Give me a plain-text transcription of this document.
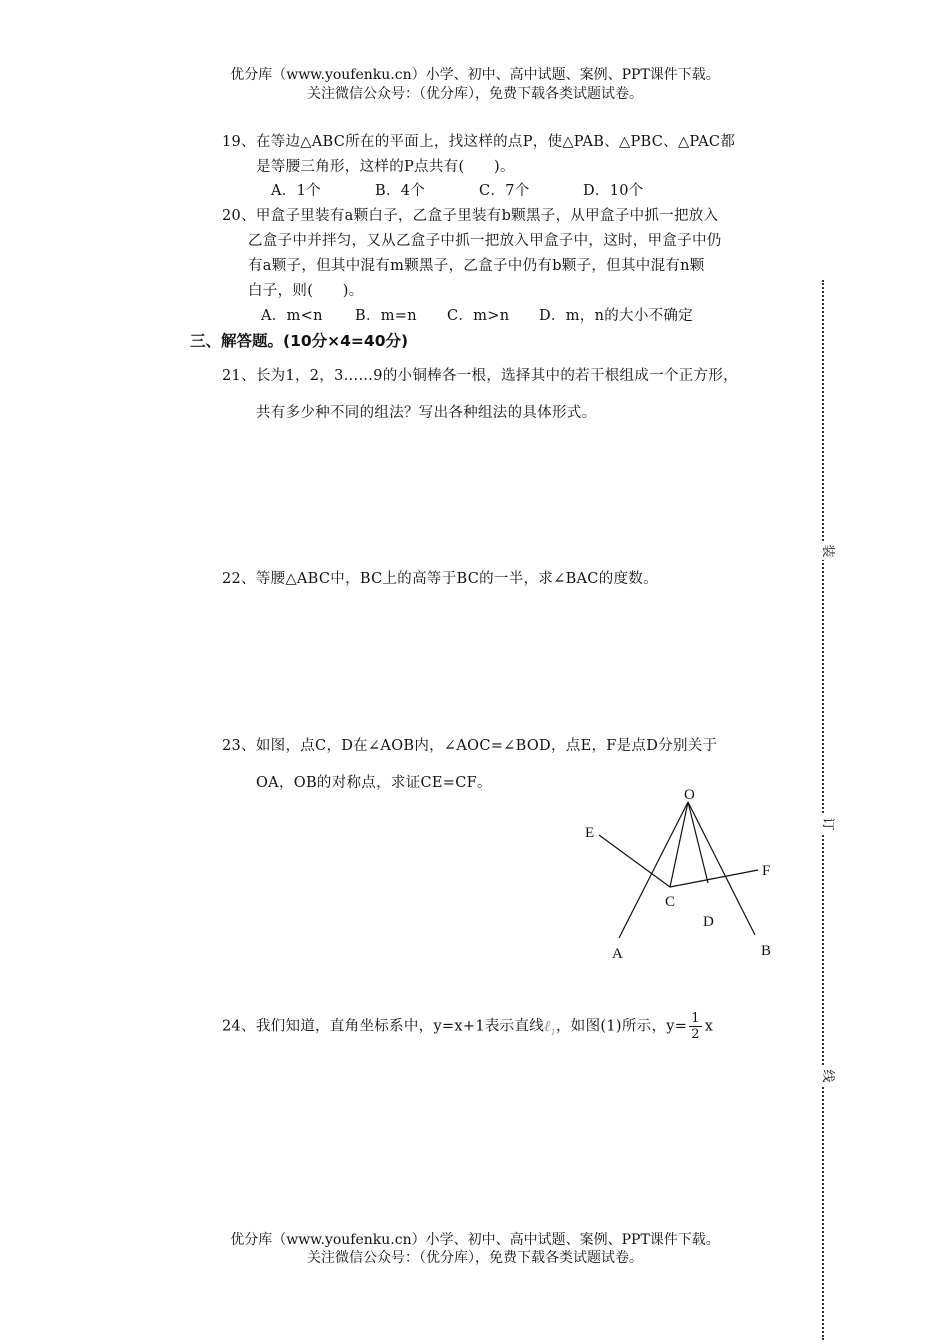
优分库（www.youfenku.cn）小学、初中、高中试题、案例、PPT课件下载。
关注微信公众号：（优分库），免费下载各类试题试卷。
19、在等边△ABC所在的平面上，找这样的点P，使△PAB、△PBC、△PAC都
是等腰三角形，这样的P点共有(　　)。
A．1个	B．4个	C．7个	D．10个
20、甲盒子里装有a颗白子，乙盒子里装有b颗黑子，从甲盒子中抓一把放入
乙盒子中并拌匀，又从乙盒子中抓一把放入甲盒子中，这时，甲盒子中仍
有a颗子，但其中混有m颗黑子，乙盒子中仍有b颗子，但其中混有n颗
白子，则(　　)。
A．m<n B．m=n C．m>n D．m，n的大小不确定
三、解答题。(10分×4=40分)
21、长为1，2，3……9的小铜棒各一根，选择其中的若干根组成一个正方形，
共有多少种不同的组法？写出各种组法的具体形式。
22、等腰△ABC中，BC上的高等于BC的一半，求∠BAC的度数。
23、如图，点C，D在∠AOB内，∠AOC=∠BOD，点E，F是点D分别关于
OA，OB的对称点，求证CE=CF。
O
E
F
C
D
A	B
24、我们知道，直角坐标系中，y=x+1表示直线ℓ$_1$，如图(1)所示，$y= \frac{1}{2}$ x
优分库（www.youfenku.cn）小学、初中、高中试题、案例、PPT课件下载。
关注微信公众号：（优分库），免费下载各类试题试卷。
装
订
线
